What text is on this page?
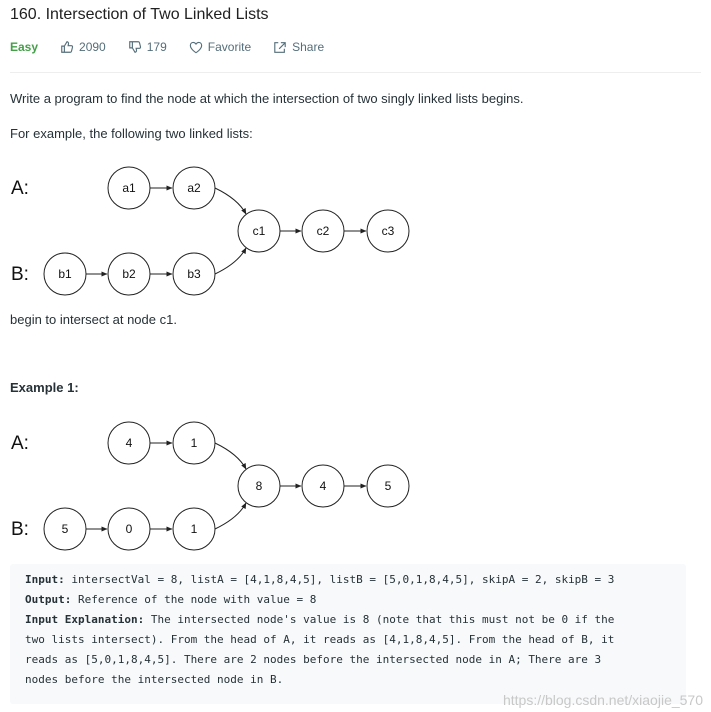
160. Intersection of Two Linked Lists
Easy	2090	179	Favorite	Share
Write a program to find the node at which the intersection of two singly linked lists begins.
For example, the following two linked lists:
A:
B:
a1	a2
c1	c2	c3
b1	b2	b3
begin to intersect at node c1.
Example 1:
A:
B:
4	1
8	4	5
5	0	1
Input: intersectVal = 8, listA = [4,1,8,4,5], listB = [5,0,1,8,4,5], skipA = 2, skipB = 3
Output: Reference of the node with value = 8
Input Explanation: The intersected node's value is 8 (note that this must not be 0 if the
two lists intersect). From the head of A, it reads as [4,1,8,4,5]. From the head of B, it
reads as [5,0,1,8,4,5]. There are 2 nodes before the intersected node in A; There are 3
nodes before the intersected node in B.
https://blog.csdn.net/xiaojie_570
